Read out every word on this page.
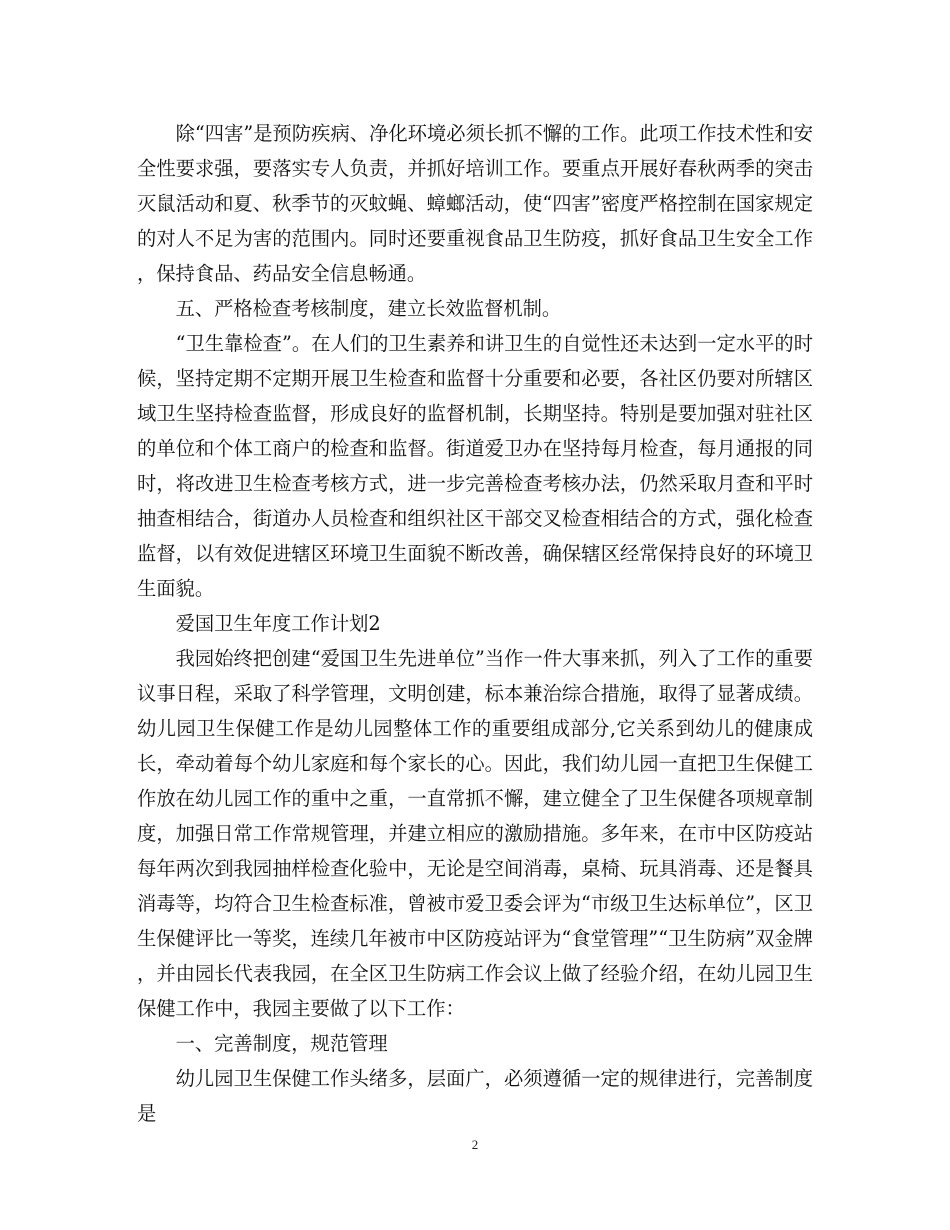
除“四害”是预防疾病、净化环境必须长抓不懈的工作。此项工作技术性和安全性要求强，要落实专人负责，并抓好培训工作。要重点开展好春秋两季的突击灭鼠活动和夏、秋季节的灭蚊蝇、蟑螂活动，使“四害”密度严格控制在国家规定的对人不足为害的范围内。同时还要重视食品卫生防疫，抓好食品卫生安全工作，保持食品、药品安全信息畅通。

五、严格检查考核制度，建立长效监督机制。

“卫生靠检查”。在人们的卫生素养和讲卫生的自觉性还未达到一定水平的时候，坚持定期不定期开展卫生检查和监督十分重要和必要，各社区仍要对所辖区域卫生坚持检查监督，形成良好的监督机制，长期坚持。特别是要加强对驻社区的单位和个体工商户的检查和监督。街道爱卫办在坚持每月检查，每月通报的同时，将改进卫生检查考核方式，进一步完善检查考核办法，仍然采取月查和平时抽查相结合，街道办人员检查和组织社区干部交叉检查相结合的方式，强化检查监督，以有效促进辖区环境卫生面貌不断改善，确保辖区经常保持良好的环境卫生面貌。

爱国卫生年度工作计划2

我园始终把创建“爱国卫生先进单位”当作一件大事来抓，列入了工作的重要议事日程，采取了科学管理，文明创建，标本兼治综合措施，取得了显著成绩。幼儿园卫生保健工作是幼儿园整体工作的重要组成部分,它关系到幼儿的健康成长，牵动着每个幼儿家庭和每个家长的心。因此，我们幼儿园一直把卫生保健工作放在幼儿园工作的重中之重，一直常抓不懈，建立健全了卫生保健各项规章制度，加强日常工作常规管理，并建立相应的激励措施。多年来，在市中区防疫站每年两次到我园抽样检查化验中，无论是空间消毒，桌椅、玩具消毒、还是餐具消毒等，均符合卫生检查标准，曾被市爱卫委会评为“市级卫生达标单位”，区卫生保健评比一等奖，连续几年被市中区防疫站评为“食堂管理”“卫生防病”双金牌，并由园长代表我园，在全区卫生防病工作会议上做了经验介绍，在幼儿园卫生保健工作中，我园主要做了以下工作：

一、完善制度，规范管理

幼儿园卫生保健工作头绪多，层面广，必须遵循一定的规律进行，完善制度是

2
